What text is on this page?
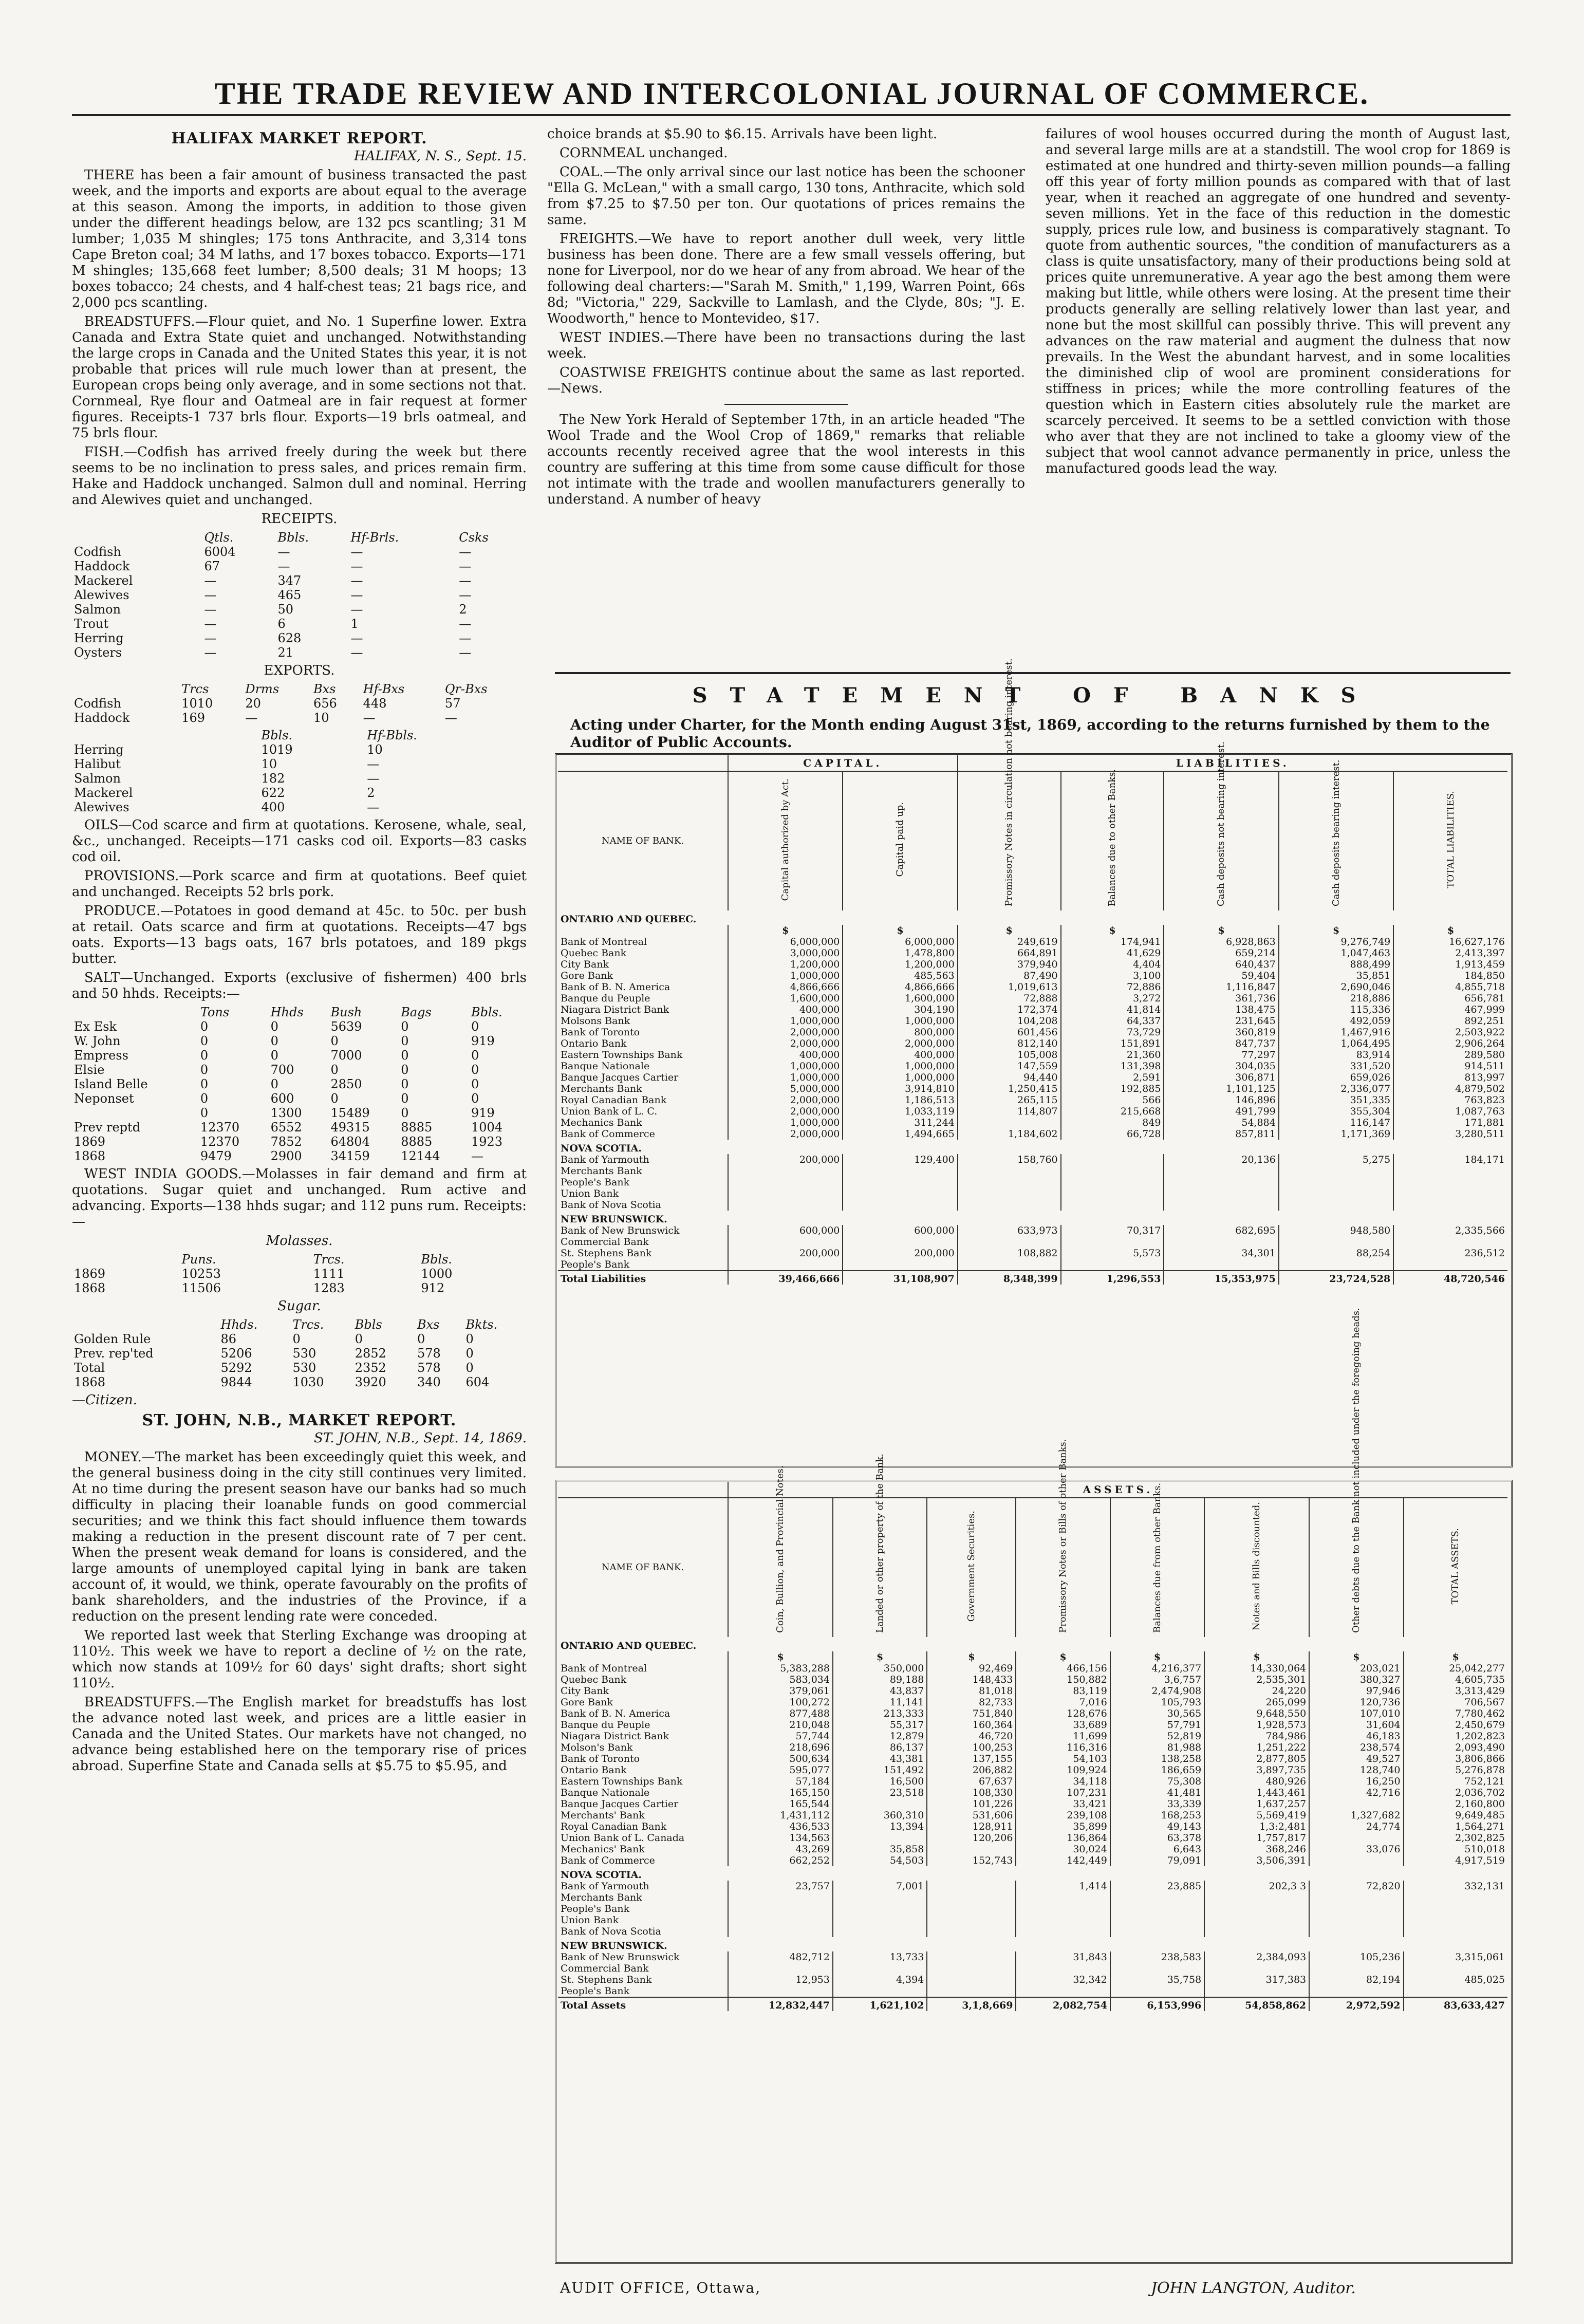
THE TRADE REVIEW AND INTERCOLONIAL JOURNAL OF COMMERCE.
HALIFAX MARKET REPORT.
HALIFAX, N. S., Sept. 15.

THERE has been a fair amount of business transacted the past week, and the imports and exports are about equal to the average at this season. Among the imports, in addition to those given under the different headings below, are 132 pcs scantling; 31 M lumber; 1,035 M shingles; 175 tons Anthracite, and 3,314 tons Cape Breton coal; 34 M laths, and 17 boxes tobacco. Exports—171 M shingles; 135,668 feet lumber; 8,500 deals; 31 M hoops; 13 boxes tobacco; 24 chests, and 4 half-chest teas; 21 bags rice, and 2,000 pcs scantling.

BREADSTUFFS.—Flour quiet, and No. 1 Superfine lower. Extra Canada and Extra State quiet and unchanged. Notwithstanding the large crops in Canada and the United States this year, it is not probable that prices will rule much lower than at present, the European crops being only average, and in some sections not that. Cornmeal, Rye flour and Oatmeal are in fair request at former figures. Receipts-1 737 brls flour. Exports—19 brls oatmeal, and 75 brls flour.

FISH.—Codfish has arrived freely during the week but there seems to be no inclination to press sales, and prices remain firm. Hake and Haddock unchanged. Salmon dull and nominal. Herring and Alewives quiet and unchanged.

RECEIPTS.
	Qtls.	Bbls.	Hf-Brls.	Csks
Codfish	6004	—	—	—
Haddock	67	—	—	—
Mackerel	—	347	—	—
Alewives	—	465	—	—
Salmon	—	50	—	2
Trout	—	6	1	—
Herring	—	628	—	—
Oysters	—	21	—	—
EXPORTS.
	Trcs	Drms	Bxs	Hf-Bxs	Qr-Bxs
Codfish	1010	20	656	448	57
Haddock	169	—	10	—	—
	Bbls.	Hf-Bbls.
Herring	1019	10
Halibut	10	—
Salmon	182	—
Mackerel	622	2
Alewives	400	—

OILS—Cod scarce and firm at quotations. Kerosene, whale, seal, &c., unchanged. Receipts—171 casks cod oil. Exports—83 casks cod oil.

PROVISIONS.—Pork scarce and firm at quotations. Beef quiet and unchanged. Receipts 52 brls pork.

PRODUCE.—Potatoes in good demand at 45c. to 50c. per bush at retail. Oats scarce and firm at quotations. Receipts—47 bgs oats. Exports—13 bags oats, 167 brls potatoes, and 189 pkgs butter.

SALT—Unchanged. Exports (exclusive of fishermen) 400 brls and 50 hhds. Receipts:—

	Tons	Hhds	Bush	Bags	Bbls.
Ex Esk	0	0	5639	0	0
W. John	0	0	0	0	919
Empress	0	0	7000	0	0
Elsie	0	700	0	0	0
Island Belle	0	0	2850	0	0
Neponset	0	600	0	0	0
	0	1300	15489	0	919
Prev reptd	12370	6552	49315	8885	1004
1869	12370	7852	64804	8885	1923
1868	9479	2900	34159	12144	—

WEST INDIA GOODS.—Molasses in fair demand and firm at quotations. Sugar quiet and unchanged. Rum active and advancing. Exports—138 hhds sugar; and 112 puns rum. Receipts:—

Molasses.
	Puns.	Trcs.	Bbls.
1869	10253	1111	1000
1868	11506	1283	912
Sugar.
	Hhds.	Trcs.	Bbls	Bxs	Bkts.
Golden Rule	86	0	0	0	0
Prev. rep'ted	5206	530	2852	578	0
Total	5292	530	2352	578	0
1868	9844	1030	3920	340	604
—Citizen.
ST. JOHN, N.B., MARKET REPORT.
ST. JOHN, N.B., Sept. 14, 1869.

MONEY.—The market has been exceedingly quiet this week, and the general business doing in the city still continues very limited. At no time during the present season have our banks had so much difficulty in placing their loanable funds on good commercial securities; and we think this fact should influence them towards making a reduction in the present discount rate of 7 per cent. When the present weak demand for loans is considered, and the large amounts of unemployed capital lying in bank are taken account of, it would, we think, operate favourably on the profits of bank shareholders, and the industries of the Province, if a reduction on the present lending rate were conceded.

We reported last week that Sterling Exchange was drooping at 110½. This week we have to report a decline of ½ on the rate, which now stands at 109½ for 60 days' sight drafts; short sight 110½.

BREADSTUFFS.—The English market for breadstuffs has lost the advance noted last week, and prices are a little easier in Canada and the United States. Our markets have not changed, no advance being established here on the temporary rise of prices abroad. Superfine State and Canada sells at $5.75 to $5.95, and

choice brands at $5.90 to $6.15. Arrivals have been light.

CORNMEAL unchanged.

COAL.—The only arrival since our last notice has been the schooner "Ella G. McLean," with a small cargo, 130 tons, Anthracite, which sold from $7.25 to $7.50 per ton. Our quotations of prices remains the same.

FREIGHTS.—We have to report another dull week, very little business has been done. There are a few small vessels offering, but none for Liverpool, nor do we hear of any from abroad. We hear of the following deal charters:—"Sarah M. Smith," 1,199, Warren Point, 66s 8d; "Victoria," 229, Sackville to Lamlash, and the Clyde, 80s; "J. E. Woodworth," hence to Montevideo, $17.

WEST INDIES.—There have been no transactions during the last week.

COASTWISE FREIGHTS continue about the same as last reported.—News.

The New York Herald of September 17th, in an article headed "The Wool Trade and the Wool Crop of 1869," remarks that reliable accounts recently received agree that the wool interests in this country are suffering at this time from some cause difficult for those not intimate with the trade and woollen manufacturers generally to understand. A number of heavy

failures of wool houses occurred during the month of August last, and several large mills are at a standstill. The wool crop for 1869 is estimated at one hundred and thirty-seven million pounds—a falling off this year of forty million pounds as compared with that of last year, when it reached an aggregate of one hundred and seventy-seven millions. Yet in the face of this reduction in the domestic supply, prices rule low, and business is comparatively stagnant. To quote from authentic sources, "the condition of manufacturers as a class is quite unsatisfactory, many of their productions being sold at prices quite unremunerative. A year ago the best among them were making but little, while others were losing. At the present time their products generally are selling relatively lower than last year, and none but the most skillful can possibly thrive. This will prevent any advances on the raw material and augment the dulness that now prevails. In the West the abundant harvest, and in some localities the diminished clip of wool are prominent considerations for stiffness in prices; while the more controlling features of the question which in Eastern cities absolutely rule the market are scarcely perceived. It seems to be a settled conviction with those who aver that they are not inclined to take a gloomy view of the subject that wool cannot advance permanently in price, unless the manufactured goods lead the way.

STATEMENT OF BANKS
Acting under Charter, for the Month ending August 31st, 1869, according to the returns furnished by them to the Auditor of Public Accounts.
	CAPITAL.		LIABILITIES.				
NAME OF BANK.	Capital authorized by Act.	Capital paid up.	Promissory Notes in circulation not bearing interest.	Balances due to other Banks.	Cash deposits not bearing interest.	Cash deposits bearing interest.	TOTAL LIABILITIES.
ONTARIO AND QUEBEC.							
	$	$	$	$	$	$	$
Bank of Montreal	6,000,000	6,000,000	249,619	174,941	6,928,863	9,276,749	16,627,176
Quebec Bank	3,000,000	1,478,800	664,891	41,629	659,214	1,047,463	2,413,397
City Bank	1,200,000	1,200,000	379,940	4,404	640,437	888,499	1,913,459
Gore Bank	1,000,000	485,563	87,490	3,100	59,404	35,851	184,850
Bank of B. N. America	4,866,666	4,866,666	1,019,613	72,886	1,116,847	2,690,046	4,855,718
Banque du Peuple	1,600,000	1,600,000	72,888	3,272	361,736	218,886	656,781
Niagara District Bank	400,000	304,190	172,374	41,814	138,475	115,336	467,999
Molsons Bank	1,000,000	1,000,000	104,208	64,337	231,645	492,059	892,251
Bank of Toronto	2,000,000	800,000	601,456	73,729	360,819	1,467,916	2,503,922
Ontario Bank	2,000,000	2,000,000	812,140	151,891	847,737	1,064,495	2,906,264
Eastern Townships Bank	400,000	400,000	105,008	21,360	77,297	83,914	289,580
Banque Nationale	1,000,000	1,000,000	147,559	131,398	304,035	331,520	914,511
Banque Jacques Cartier	1,000,000	1,000,000	94,440	2,591	306,871	659,026	813,997
Merchants Bank	5,000,000	3,914,810	1,250,415	192,885	1,101,125	2,336,077	4,879,502
Royal Canadian Bank	2,000,000	1,186,513	265,115	566	146,896	351,335	763,823
Union Bank of L. C.	2,000,000	1,033,119	114,807	215,668	491,799	355,304	1,087,763
Mechanics Bank	1,000,000	311,244		849	54,884	116,147	171,881
Bank of Commerce	2,000,000	1,494,665	1,184,602	66,728	857,811	1,171,369	3,280,511
NOVA SCOTIA.							
Bank of Yarmouth	200,000	129,400	158,760		20,136	5,275	184,171
Merchants Bank							
People's Bank							
Union Bank							
Bank of Nova Scotia							
NEW BRUNSWICK.							
Bank of New Brunswick	600,000	600,000	633,973	70,317	682,695	948,580	2,335,566
Commercial Bank							
St. Stephens Bank	200,000	200,000	108,882	5,573	34,301	88,254	236,512
People's Bank							
Total Liabilities	39,466,666	31,108,907	8,348,399	1,296,553	15,353,975	23,724,528	48,720,546
	ASSETS.							
NAME OF BANK.	Coin, Bullion, and Provincial Notes.	Landed or other property of the Bank.	Government Securities.	Promissory Notes or Bills of other Banks.	Balances due from other Banks.	Notes and Bills discounted.	Other debts due to the Bank not included under the foregoing heads.	TOTAL ASSETS.
ONTARIO AND QUEBEC.								
	$	$	$	$	$	$	$	$
Bank of Montreal	5,383,288	350,000	92,469	466,156	4,216,377	14,330,064	203,021	25,042,277
Quebec Bank	583,034	89,188	148,433	150,882	3,6,757	2,535,301	380,327	4,605,735
City Bank	379,061	43,837	81,018	83,119	2,474,908	24,220	97,946	3,313,429
Gore Bank	100,272	11,141	82,733	7,016	105,793	265,099	120,736	706,567
Bank of B. N. America	877,488	213,333	751,840	128,676	30,565	9,648,550	107,010	7,780,462
Banque du Peuple	210,048	55,317	160,364	33,689	57,791	1,928,573	31,604	2,450,679
Niagara District Bank	57,744	12,879	46,720	11,699	52,819	784,986	46,183	1,202,823
Molson's Bank	218,696	86,137	100,253	116,316	81,988	1,251,222	238,574	2,093,490
Bank of Toronto	500,634	43,381	137,155	54,103	138,258	2,877,805	49,527	3,806,866
Ontario Bank	595,077	151,492	206,882	109,924	186,659	3,897,735	128,740	5,276,878
Eastern Townships Bank	57,184	16,500	67,637	34,118	75,308	480,926	16,250	752,121
Banque Nationale	165,150	23,518	108,330	107,231	41,481	1,443,461	42,716	2,036,702
Banque Jacques Cartier	165,544		101,226	33,421	33,339	1,637,257		2,160,800
Merchants' Bank	1,431,112	360,310	531,606	239,108	168,253	5,569,419	1,327,682	9,649,485
Royal Canadian Bank	436,533	13,394	128,911	35,899	49,143	1,3:2,481	24,774	1,564,271
Union Bank of L. Canada	134,563		120,206	136,864	63,378	1,757,817		2,302,825
Mechanics' Bank	43,269	35,858		30,024	6,643	368,246	33,076	510,018
Bank of Commerce	662,252	54,503	152,743	142,449	79,091	3,506,391		4,917,519
NOVA SCOTIA.								
Bank of Yarmouth	23,757	7,001		1,414	23,885	202,3 3	72,820	332,131
Merchants Bank								
People's Bank								
Union Bank								
Bank of Nova Scotia								
NEW BRUNSWICK.								
Bank of New Brunswick	482,712	13,733		31,843	238,583	2,384,093	105,236	3,315,061
Commercial Bank								
St. Stephens Bank	12,953	4,394		32,342	35,758	317,383	82,194	485,025
People's Bank								
Total Assets	12,832,447	1,621,102	3,1,8,669	2,082,754	6,153,996	54,858,862	2,972,592	83,633,427
AUDIT OFFICE, Ottawa,	JOHN LANGTON, Auditor.
